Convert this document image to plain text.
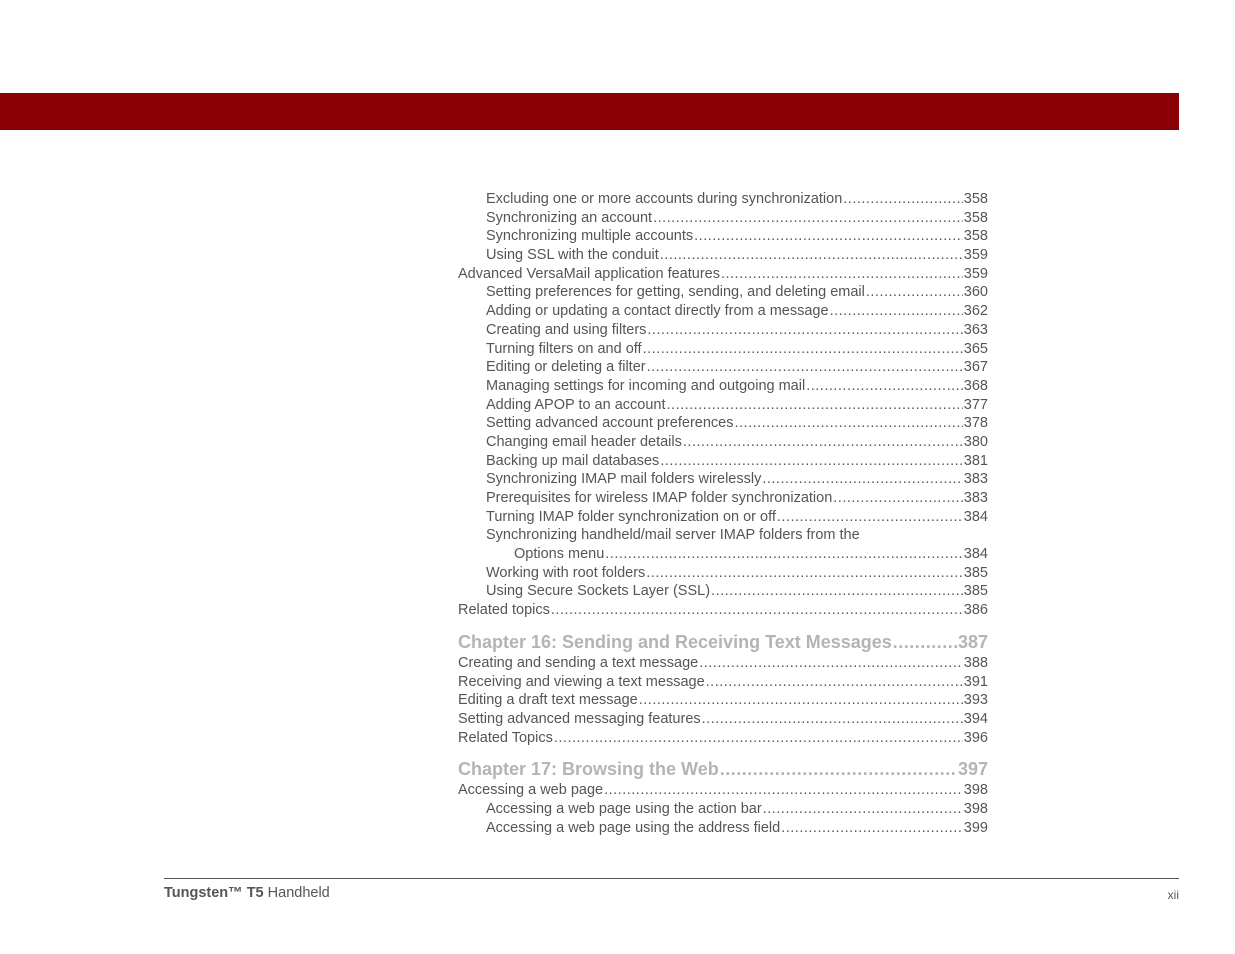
Excluding one or more accounts during synchronization .....	358
Synchronizing an account .....	358
Synchronizing multiple accounts .....	358
Using SSL with the conduit .....	359
Advanced VersaMail application features .....	359
Setting preferences for getting, sending, and deleting email .....	360
Adding or updating a contact directly from a message .....	362
Creating and using filters .....	363
Turning filters on and off .....	365
Editing or deleting a filter .....	367
Managing settings for incoming and outgoing mail .....	368
Adding APOP to an account .....	377
Setting advanced account preferences .....	378
Changing email header details .....	380
Backing up mail databases .....	381
Synchronizing IMAP mail folders wirelessly .....	383
Prerequisites for wireless IMAP folder synchronization .....	383
Turning IMAP folder synchronization on or off .....	384
Synchronizing handheld/mail server IMAP folders from the
Options menu .....	384
Working with root folders .....	385
Using Secure Sockets Layer (SSL) .....	385
Related topics .....	386
Chapter 16: Sending and Receiving Text Messages .....	387
Creating and sending a text message .....	388
Receiving and viewing a text message .....	391
Editing a draft text message .....	393
Setting advanced messaging features .....	394
Related Topics .....	396
Chapter 17: Browsing the Web .....	397
Accessing a web page .....	398
Accessing a web page using the action bar .....	398
Accessing a web page using the address field .....	399
Tungsten™ T5 Handheld	xii
